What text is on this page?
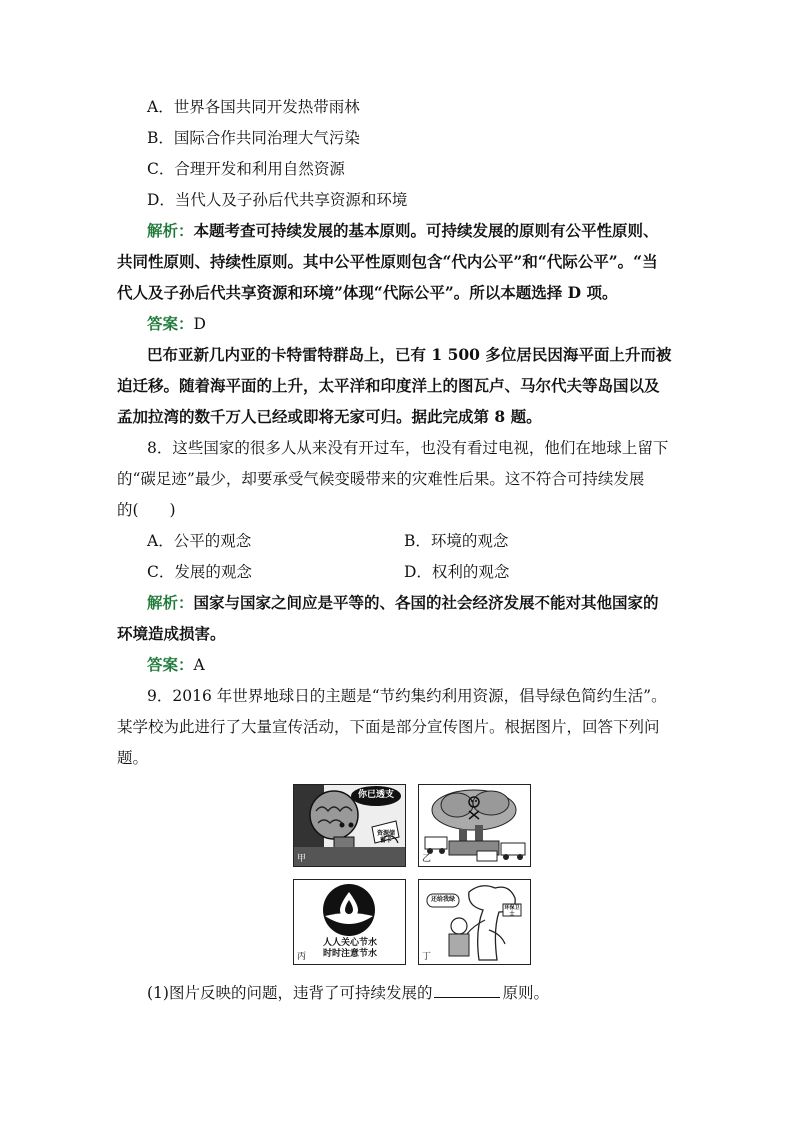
A．世界各国共同开发热带雨林
B．国际合作共同治理大气污染
C．合理开发和利用自然资源
D．当代人及子孙后代共享资源和环境
解析：本题考查可持续发展的基本原则。可持续发展的原则有公平性原则、
共同性原则、持续性原则。其中公平性原则包含“代内公平”和“代际公平”。“当
代人及子孙后代共享资源和环境”体现“代际公平”。所以本题选择 D 项。
答案：D
巴布亚新几内亚的卡特雷特群岛上，已有 1 500 多位居民因海平面上升而被
迫迁移。随着海平面的上升，太平洋和印度洋上的图瓦卢、马尔代夫等岛国以及
孟加拉湾的数千万人已经或即将无家可归。据此完成第 8 题。
8．这些国家的很多人从来没有开过车，也没有看过电视，他们在地球上留下
的“碳足迹”最少，却要承受气候变暖带来的灾难性后果。这不符合可持续发展
的(　　)
A．公平的观念	B．环境的观念
C．发展的观念	D．权利的观念
解析：国家与国家之间应是平等的、各国的社会经济发展不能对其他国家的
环境造成损害。
答案：A
9．2016 年世界地球日的主题是“节约集约利用资源，倡导绿色简约生活”。
某学校为此进行了大量宣传活动，下面是部分宣传图片。根据图片，回答下列问
题。
你已透支
资源储蓄卡
甲	乙
人人关心节水
时时注意节水
丙
还给我绿
环保卫士
丁
(1)图片反映的问题，违背了可持续发展的	原则。
